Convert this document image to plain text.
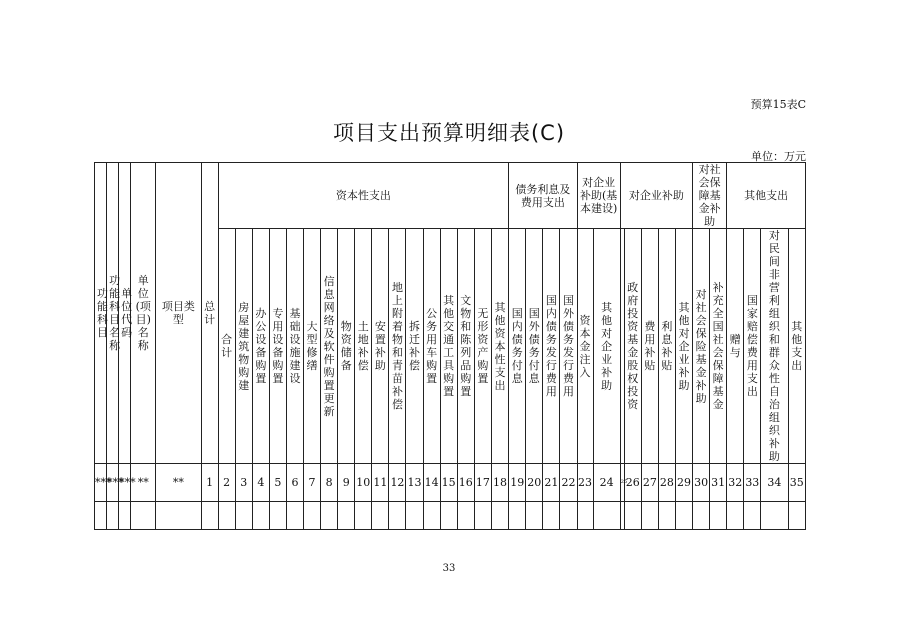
预算15表C
项目支出预算明细表(C)
单位：万元
功能科目	功能科目名称	单位代码	单位(项目)名称	项目类型	总计	资本性支出																	债务利息及费用支出				对企业补助(基本建设)		对企业补助					对社会保障基金补助		其他支出			
						合计	房屋建筑物购建	办公设备购置	专用设备购置	基础设施建设	大型修缮	信息网络及软件购置更新	物资储备	土地补偿	安置补助	地上附着物和青苗补偿	拆迁补偿	公务用车购置	其他交通工具购置	文物和陈列品购置	无形资产购置	其他资本性支出	国内债务付息	国外债务付息	国内债务发行费用	国外债务发行费用	资本金注入	其他对企业补助		政府投资基金股权投资	费用补贴	利息补贴	其他对企业补助	对社会保险基金补助	补充全国社会保障基金	赠与	国家赔偿费用支出	对民间非营利组织和群众性自治组织补助	其他支出
***	***	***	**	**	1	2	3	4	5	6	7	8	9	10	11	12	13	14	15	16	17	18	19	20	21	22	23	24	25	26	27	28	29	30	31	32	33	34	35

33
